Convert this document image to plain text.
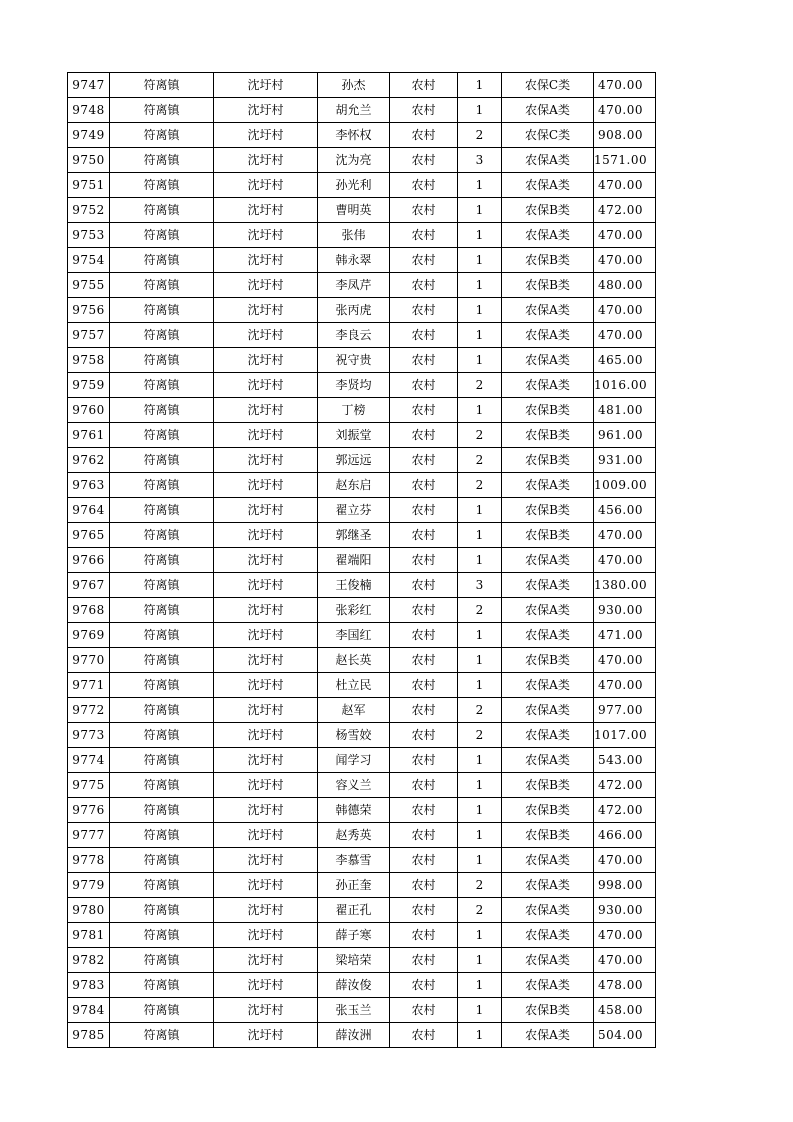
9747	符离镇	沈圩村	孙杰	农村	1	农保C类	470.00
9748	符离镇	沈圩村	胡允兰	农村	1	农保A类	470.00
9749	符离镇	沈圩村	李怀权	农村	2	农保C类	908.00
9750	符离镇	沈圩村	沈为亮	农村	3	农保A类	1571.00
9751	符离镇	沈圩村	孙光利	农村	1	农保A类	470.00
9752	符离镇	沈圩村	曹明英	农村	1	农保B类	472.00
9753	符离镇	沈圩村	张伟	农村	1	农保A类	470.00
9754	符离镇	沈圩村	韩永翠	农村	1	农保B类	470.00
9755	符离镇	沈圩村	李凤芹	农村	1	农保B类	480.00
9756	符离镇	沈圩村	张丙虎	农村	1	农保A类	470.00
9757	符离镇	沈圩村	李良云	农村	1	农保A类	470.00
9758	符离镇	沈圩村	祝守贵	农村	1	农保A类	465.00
9759	符离镇	沈圩村	李贤均	农村	2	农保A类	1016.00
9760	符离镇	沈圩村	丁榜	农村	1	农保B类	481.00
9761	符离镇	沈圩村	刘振堂	农村	2	农保B类	961.00
9762	符离镇	沈圩村	郭远远	农村	2	农保B类	931.00
9763	符离镇	沈圩村	赵东启	农村	2	农保A类	1009.00
9764	符离镇	沈圩村	翟立芬	农村	1	农保B类	456.00
9765	符离镇	沈圩村	郭继圣	农村	1	农保B类	470.00
9766	符离镇	沈圩村	翟端阳	农村	1	农保A类	470.00
9767	符离镇	沈圩村	王俊楠	农村	3	农保A类	1380.00
9768	符离镇	沈圩村	张彩红	农村	2	农保A类	930.00
9769	符离镇	沈圩村	李国红	农村	1	农保A类	471.00
9770	符离镇	沈圩村	赵长英	农村	1	农保B类	470.00
9771	符离镇	沈圩村	杜立民	农村	1	农保A类	470.00
9772	符离镇	沈圩村	赵军	农村	2	农保A类	977.00
9773	符离镇	沈圩村	杨雪姣	农村	2	农保A类	1017.00
9774	符离镇	沈圩村	闻学习	农村	1	农保A类	543.00
9775	符离镇	沈圩村	容义兰	农村	1	农保B类	472.00
9776	符离镇	沈圩村	韩德荣	农村	1	农保B类	472.00
9777	符离镇	沈圩村	赵秀英	农村	1	农保B类	466.00
9778	符离镇	沈圩村	李慕雪	农村	1	农保A类	470.00
9779	符离镇	沈圩村	孙正奎	农村	2	农保A类	998.00
9780	符离镇	沈圩村	翟正孔	农村	2	农保A类	930.00
9781	符离镇	沈圩村	薛子寒	农村	1	农保A类	470.00
9782	符离镇	沈圩村	梁培荣	农村	1	农保A类	470.00
9783	符离镇	沈圩村	薛汝俊	农村	1	农保A类	478.00
9784	符离镇	沈圩村	张玉兰	农村	1	农保B类	458.00
9785	符离镇	沈圩村	薛汝洲	农村	1	农保A类	504.00
